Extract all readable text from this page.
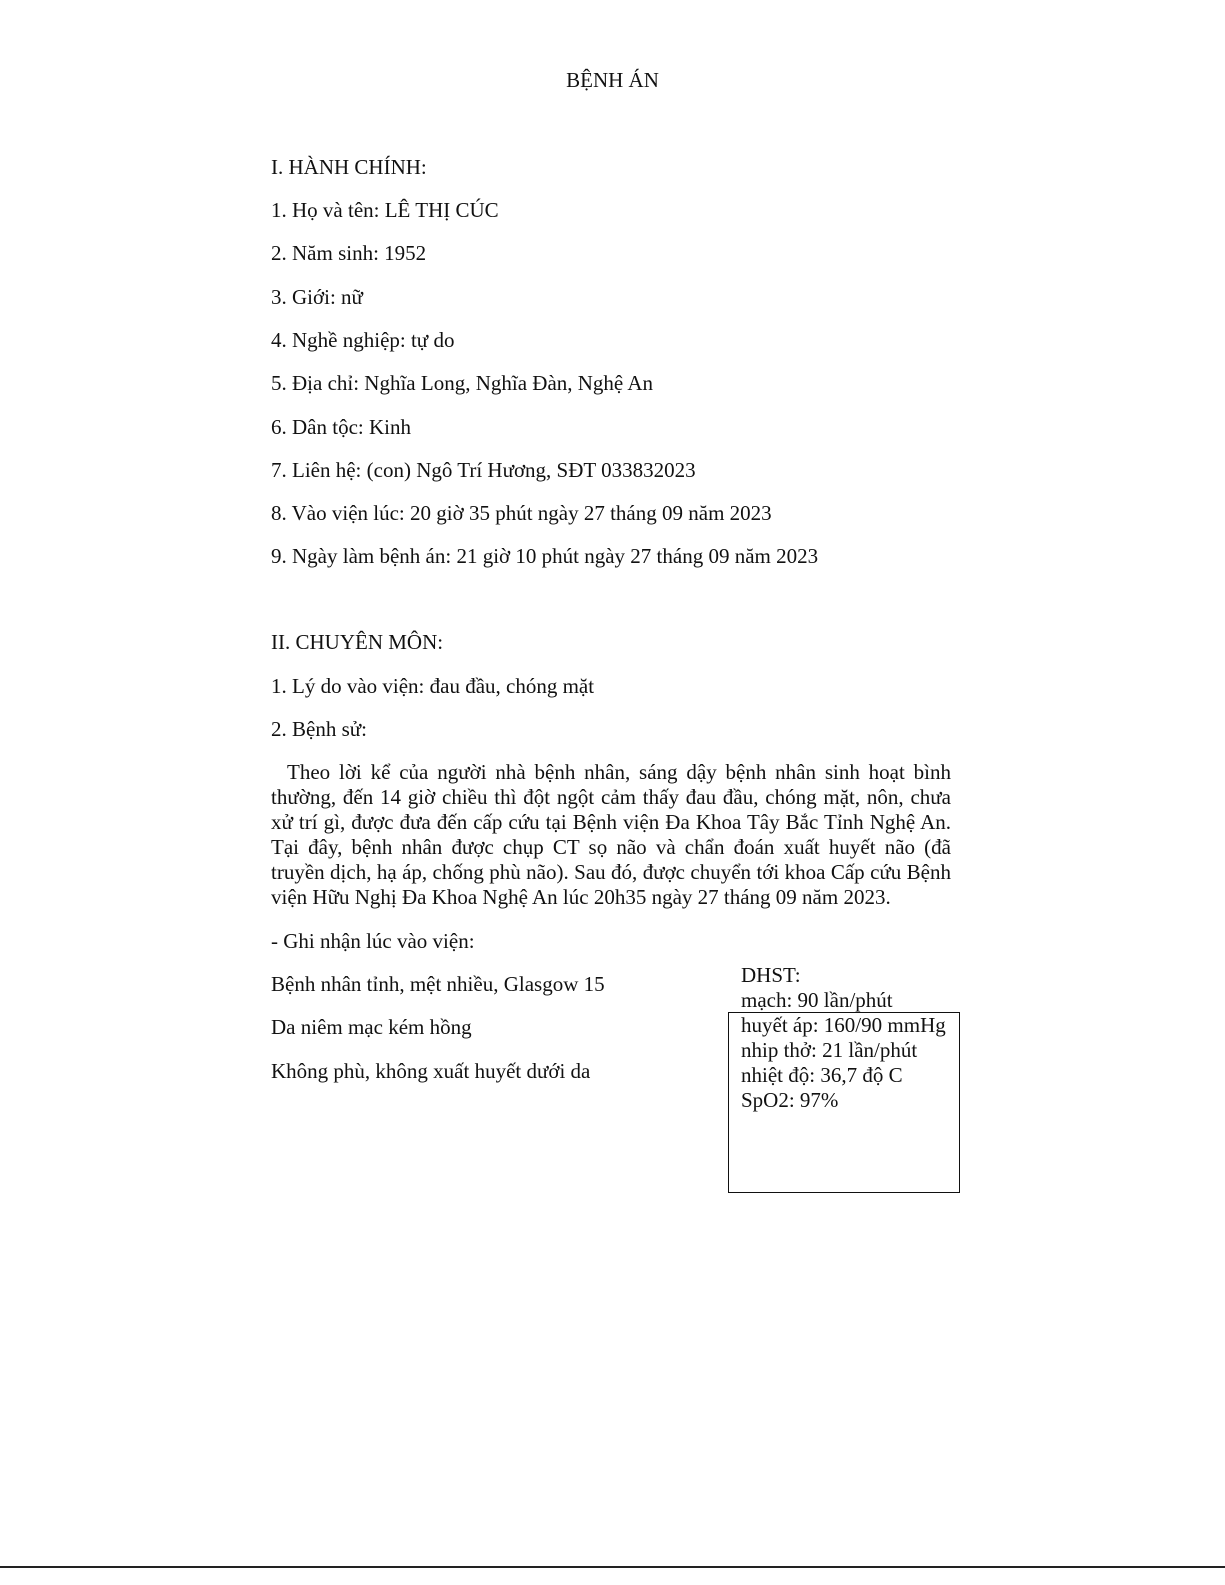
BỆNH ÁN
I. HÀNH CHÍNH:
1. Họ và tên: LÊ THỊ CÚC
2. Năm sinh: 1952
3. Giới: nữ
4. Nghề nghiệp: tự do
5. Địa chỉ: Nghĩa Long, Nghĩa Đàn, Nghệ An
6. Dân tộc: Kinh
7. Liên hệ: (con) Ngô Trí Hương, SĐT 033832023
8. Vào viện lúc: 20 giờ 35 phút ngày 27 tháng 09 năm 2023
9. Ngày làm bệnh án: 21 giờ 10 phút ngày 27 tháng 09 năm 2023
II. CHUYÊN MÔN:
1. Lý do vào viện: đau đầu, chóng mặt
2. Bệnh sử:
Theo lời kể của người nhà bệnh nhân, sáng dậy bệnh nhân sinh hoạt bình thường, đến 14 giờ chiều thì đột ngột cảm thấy đau đầu, chóng mặt, nôn, chưa xử trí gì, được đưa đến cấp cứu tại Bệnh viện Đa Khoa Tây Bắc Tỉnh Nghệ An. Tại đây, bệnh nhân được chụp CT sọ não và chẩn đoán xuất huyết não (đã truyền dịch, hạ áp, chống phù não). Sau đó, được chuyển tới khoa Cấp cứu Bệnh viện Hữu Nghị Đa Khoa Nghệ An lúc 20h35 ngày 27 tháng 09 năm 2023.
- Ghi nhận lúc vào viện:
Bệnh nhân tỉnh, mệt nhiều, Glasgow 15
Da niêm mạc kém hồng
Không phù, không xuất huyết dưới da
DHST:
mạch: 90 lần/phút
huyết áp: 160/90 mmHg
nhip thở: 21 lần/phút
nhiệt độ: 36,7 độ C
SpO2: 97%
